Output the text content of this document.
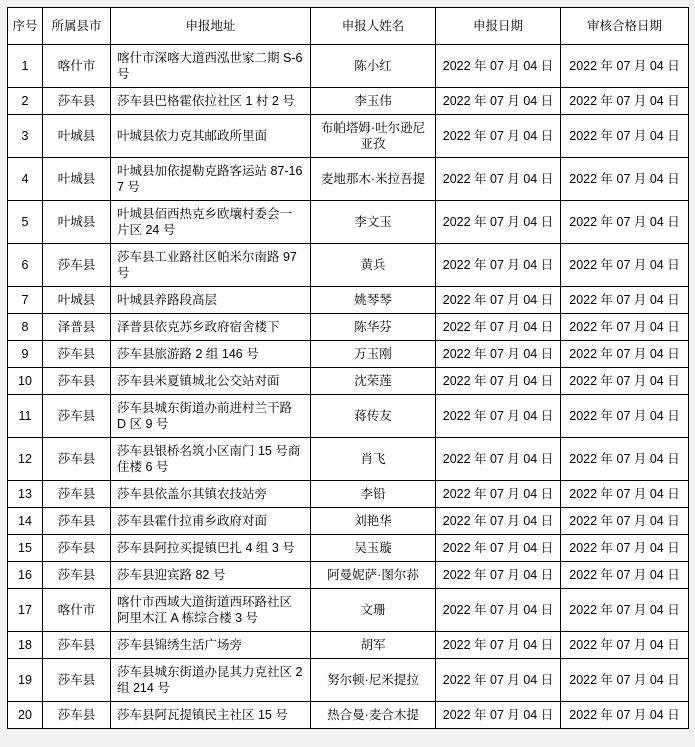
序号	所属县市	申报地址	申报人姓名	申报日期	审核合格日期
1	喀什市	喀什市深喀大道西泓世家二期 S-6 号	陈小红	2022 年 07 月 04 日	2022 年 07 月 04 日
2	莎车县	莎车县巴格霍依拉社区 1 村 2 号	李玉伟	2022 年 07 月 04 日	2022 年 07 月 04 日
3	叶城县	叶城县依力克其邮政所里面	布帕塔姆·吐尔逊尼亚孜	2022 年 07 月 04 日	2022 年 07 月 04 日
4	叶城县	叶城县加依提勒克路客运站 87-167 号	麦地那木·米拉吾提	2022 年 07 月 04 日	2022 年 07 月 04 日
5	叶城县	叶城县佰西热克乡欧壤村委会一片区 24 号	李文玉	2022 年 07 月 04 日	2022 年 07 月 04 日
6	莎车县	莎车县工业路社区帕米尔南路 97 号	黄兵	2022 年 07 月 04 日	2022 年 07 月 04 日
7	叶城县	叶城县养路段高层	姚琴琴	2022 年 07 月 04 日	2022 年 07 月 04 日
8	泽普县	泽普县依克苏乡政府宿舍楼下	陈华芬	2022 年 07 月 04 日	2022 年 07 月 04 日
9	莎车县	莎车县旅游路 2 组 146 号	万玉刚	2022 年 07 月 04 日	2022 年 07 月 04 日
10	莎车县	莎车县米夏镇城北公交站对面	沈荣莲	2022 年 07 月 04 日	2022 年 07 月 04 日
11	莎车县	莎车县城东街道办前进村兰干路 D 区 9 号	蒋传友	2022 年 07 月 04 日	2022 年 07 月 04 日
12	莎车县	莎车县银桥名筑小区南门 15 号商住楼 6 号	肖飞	2022 年 07 月 04 日	2022 年 07 月 04 日
13	莎车县	莎车县依盖尔其镇农技站旁	李铅	2022 年 07 月 04 日	2022 年 07 月 04 日
14	莎车县	莎车县霍什拉甫乡政府对面	刘艳华	2022 年 07 月 04 日	2022 年 07 月 04 日
15	莎车县	莎车县阿拉买提镇巴扎 4 组 3 号	吴玉璇	2022 年 07 月 04 日	2022 年 07 月 04 日
16	莎车县	莎车县迎宾路 82 号	阿曼妮萨·图尔荪	2022 年 07 月 04 日	2022 年 07 月 04 日
17	喀什市	喀什市西域大道街道西环路社区阿里木江 A 栋综合楼 3 号	文珊	2022 年 07 月 04 日	2022 年 07 月 04 日
18	莎车县	莎车县锦绣生活广场旁	胡军	2022 年 07 月 04 日	2022 年 07 月 04 日
19	莎车县	莎车县城东街道办昆其力克社区 2 组 214 号	努尔顿·尼米提拉	2022 年 07 月 04 日	2022 年 07 月 04 日
20	莎车县	莎车县阿瓦提镇民主社区 15 号	热合曼·麦合木提	2022 年 07 月 04 日	2022 年 07 月 04 日
